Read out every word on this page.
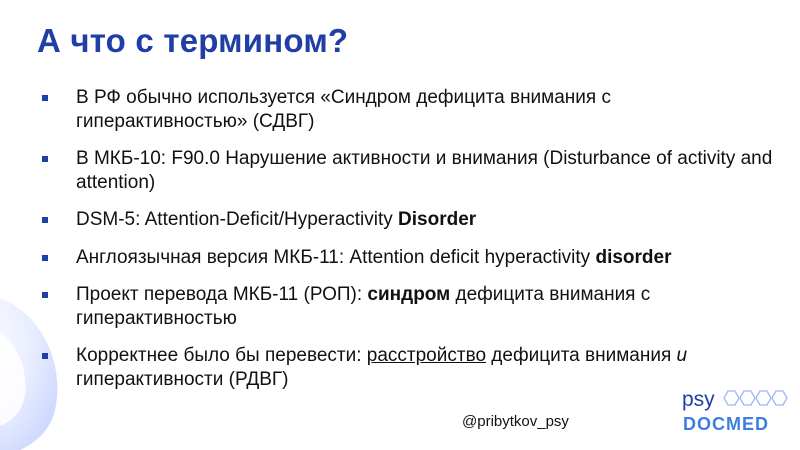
А что с термином?
В РФ обычно используется «Синдром дефицита внимания с гиперактивностью» (СДВГ)
В МКБ-10: F90.0 Нарушение активности и внимания (Disturbance of activity and attention)
DSM-5: Attention-Deficit/Hyperactivity Disorder
Англоязычная версия МКБ-11: Attention deficit hyperactivity disorder
Проект перевода МКБ-11 (РОП): синдром дефицита внимания с гиперактивностью
Корректнее было бы перевести: расстройство дефицита внимания и гиперактивности (РДВГ)
@pribytkov_psy
psy
DOCMED
